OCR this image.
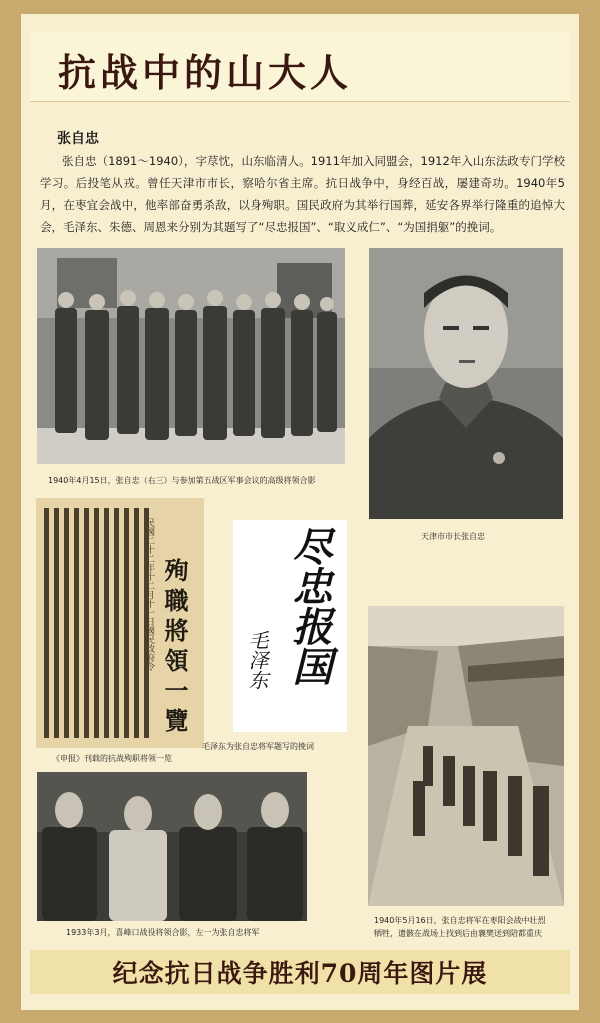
抗战中的山大人
张自忠
张自忠（1891～1940），字荩忱，山东临清人。1911年加入同盟会，1912年入山东法政专门学校学习。后投笔从戎。曾任天津市市长，察哈尔省主席。抗日战争中，身经百战，屡建奇功。1940年5月，在枣宜会战中，他率部奋勇杀敌，以身殉职。国民政府为其举行国葬，延安各界举行隆重的追悼大会，毛泽东、朱德、周恩来分别为其题写了“尽忠报国”、“取义成仁”、“为国捐躯”的挽词。
1940年4月15日，张自忠（右三）与参加第五战区军事会议的高级将领合影
天津市市长张自忠
殉職將領一覽
《申报》刊载的抗战殉职将领一览
尽忠报国
毛泽东
毛泽东为张自忠将军题写的挽词
1933年3月，喜峰口战役将领合影，左一为张自忠将军
1940年5月16日，张自忠将军在枣阳会战中壮烈
牺牲，遗骸在战场上找到后由襄樊送到陪都重庆
纪念抗日战争胜利70周年图片展
